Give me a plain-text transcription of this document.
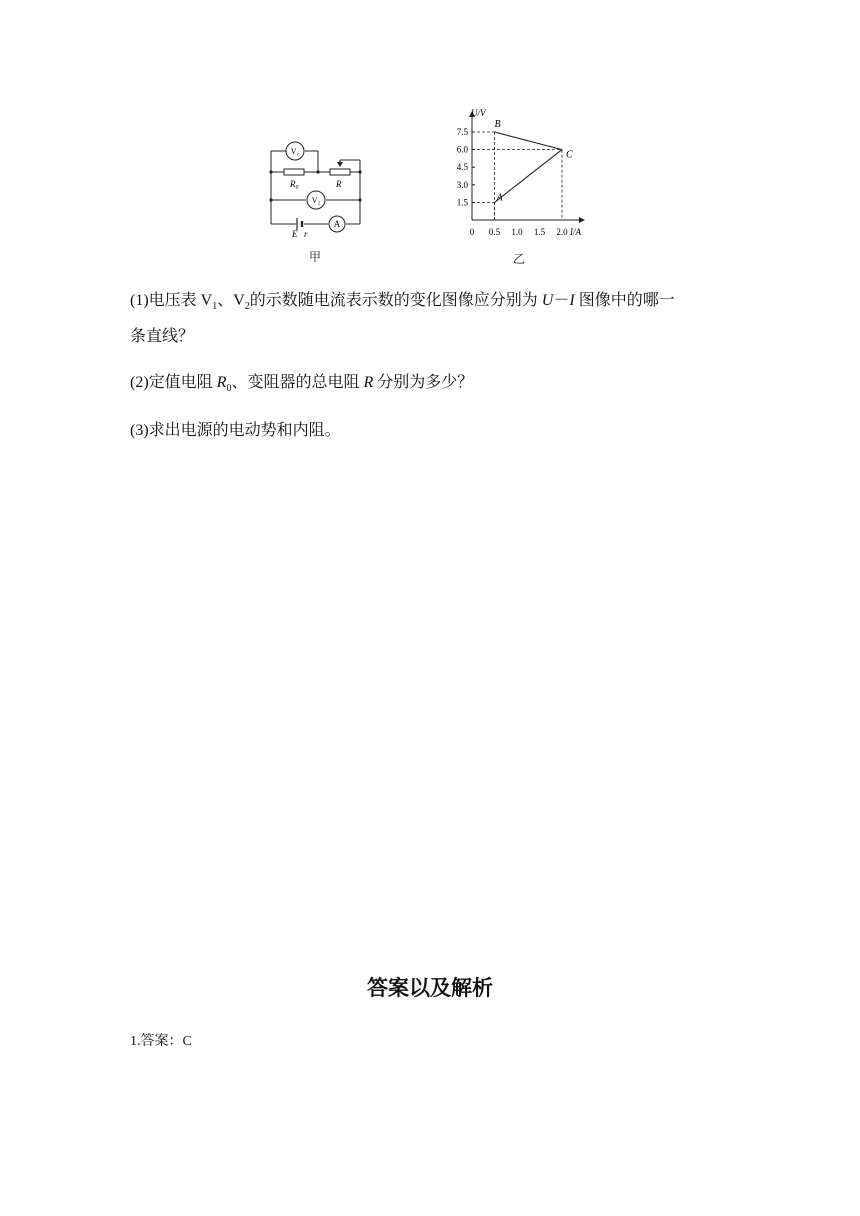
V₁
V₂
A
R₀	R
E r
甲
U/V
I/A
0 0.5 1.0 1.5 2.0
1.5
3.0
4.5
6.0
7.5
A
B
C
乙
(1)电压表 $V_1$、$V_2$的示数随电流表示数的变化图像应分别为 U－I 图像中的哪一
条直线？
(2)定值电阻 $R_0$、变阻器的总电阻 R 分别为多少？
(3)求出电源的电动势和内阻。
答案以及解析
1.答案：C
